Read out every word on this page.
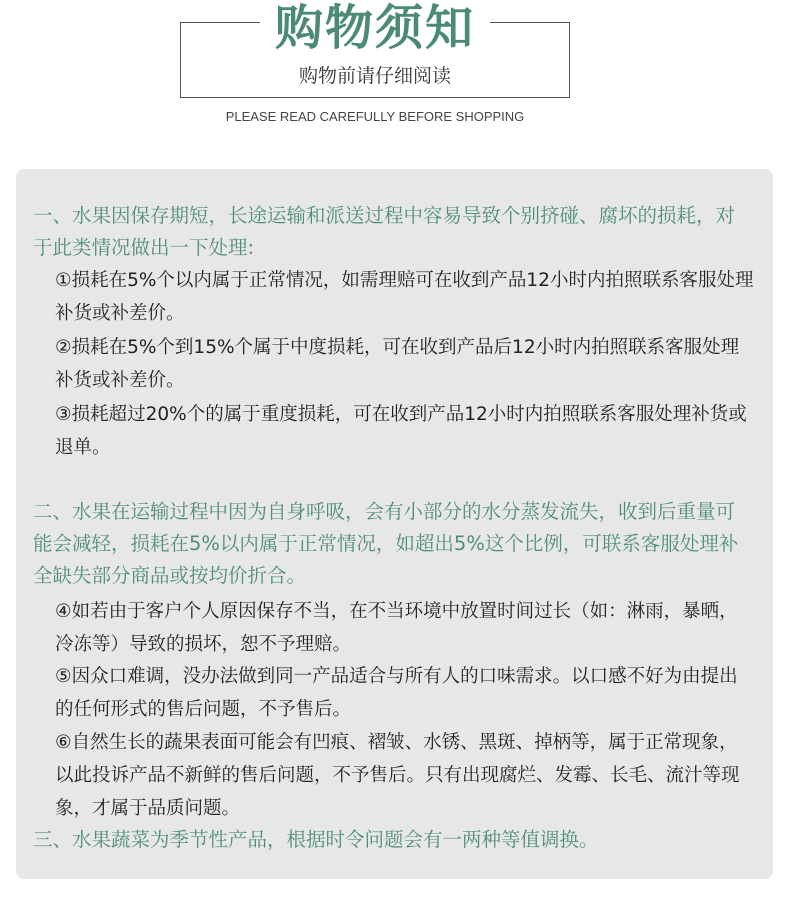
购物须知
购物前请仔细阅读
PLEASE READ CAREFULLY BEFORE SHOPPING
一、水果因保存期短，长途运输和派送过程中容易导致个别挤碰、腐坏的损耗，对于此类情况做出一下处理:
①损耗在5%个以内属于正常情况，如需理赔可在收到产品12小时内拍照联系客服处理补货或补差价。
②损耗在5%个到15%个属于中度损耗，可在收到产品后12小时内拍照联系客服处理补货或补差价。
③损耗超过20%个的属于重度损耗，可在收到产品12小时内拍照联系客服处理补货或退单。
二、水果在运输过程中因为自身呼吸，会有小部分的水分蒸发流失，收到后重量可能会减轻，损耗在5%以内属于正常情况，如超出5%这个比例，可联系客服处理补全缺失部分商品或按均价折合。
④如若由于客户个人原因保存不当，在不当环境中放置时间过长（如：淋雨，暴晒，冷冻等）导致的损坏，恕不予理赔。
⑤因众口难调，没办法做到同一产品适合与所有人的口味需求。以口感不好为由提出的任何形式的售后问题，不予售后。
⑥自然生长的蔬果表面可能会有凹痕、褶皱、水锈、黑斑、掉柄等，属于正常现象，以此投诉产品不新鲜的售后问题，不予售后。只有出现腐烂、发霉、长毛、流汁等现象，才属于品质问题。
三、水果蔬菜为季节性产品，根据时令问题会有一两种等值调换。
